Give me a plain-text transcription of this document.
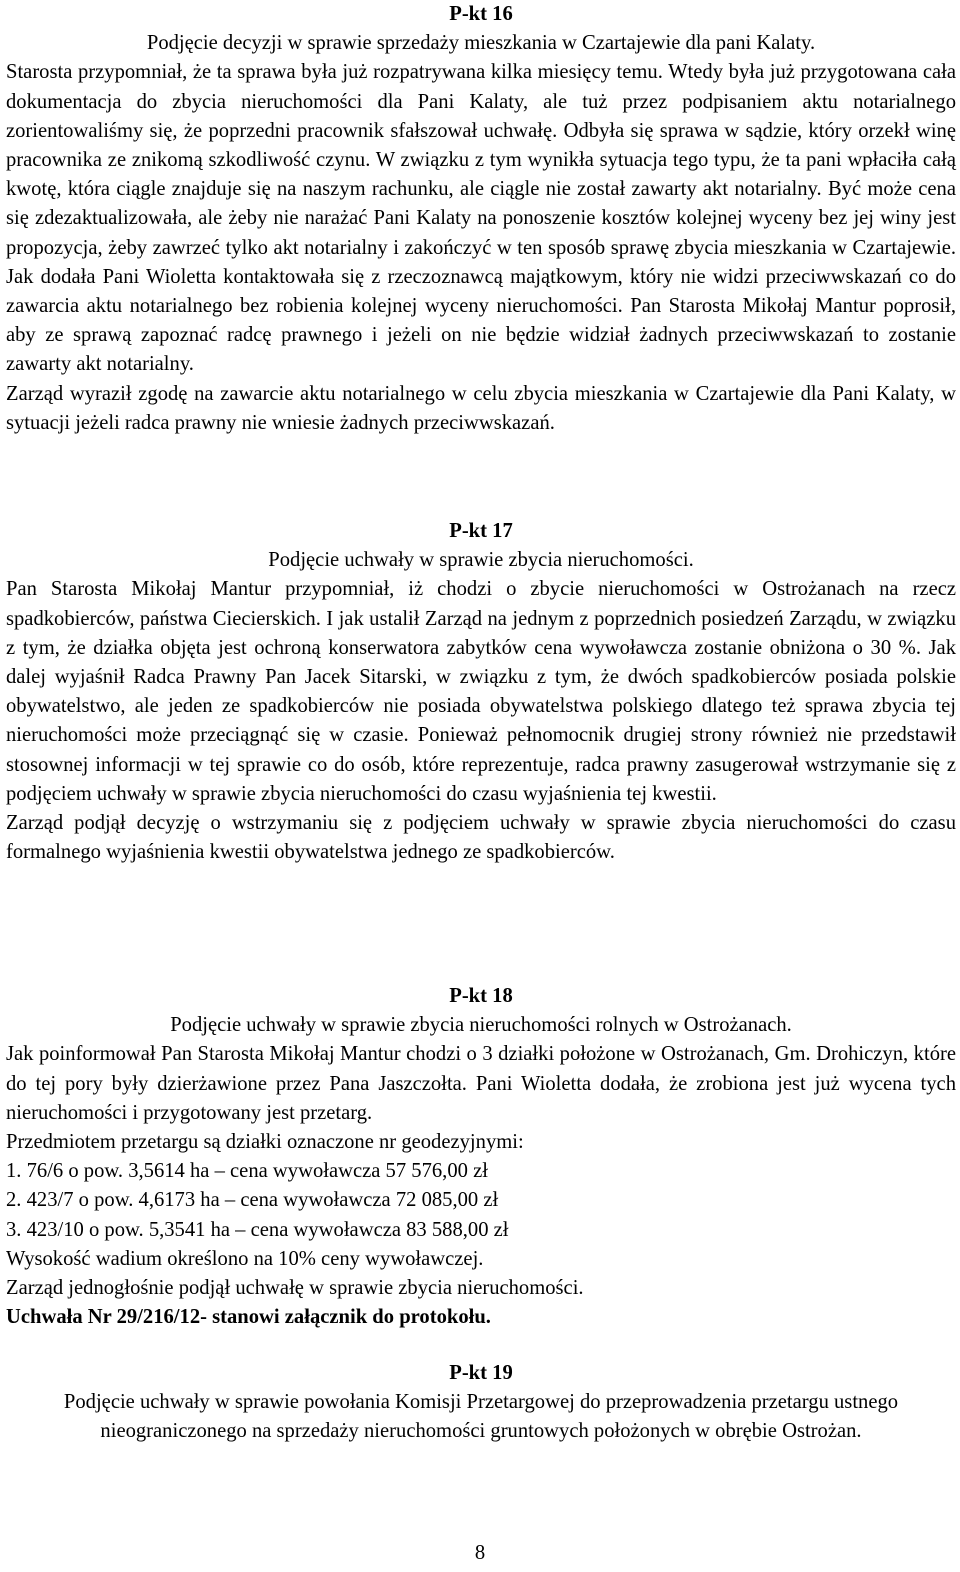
P-kt 16

Podjęcie decyzji w sprawie sprzedaży mieszkania w Czartajewie dla pani Kalaty.

Starosta przypomniał, że ta sprawa była już rozpatrywana kilka miesięcy temu. Wtedy była już przygotowana cała dokumentacja do zbycia nieruchomości dla Pani Kalaty, ale tuż przez podpisaniem aktu notarialnego zorientowaliśmy się, że poprzedni pracownik sfałszował uchwałę. Odbyła się sprawa w sądzie, który orzekł winę pracownika ze znikomą szkodliwość czynu. W związku z tym wynikła sytuacja tego typu, że ta pani wpłaciła całą kwotę, która ciągle znajduje się na naszym rachunku, ale ciągle nie został zawarty akt notarialny. Być może cena się zdezaktualizowała, ale żeby nie narażać Pani Kalaty na ponoszenie kosztów kolejnej wyceny bez jej winy jest propozycja, żeby zawrzeć tylko akt notarialny i zakończyć w ten sposób sprawę zbycia mieszkania w Czartajewie. Jak dodała Pani Wioletta kontaktowała się z rzeczoznawcą majątkowym, który nie widzi przeciwwskazań co do zawarcia aktu notarialnego bez robienia kolejnej wyceny nieruchomości. Pan Starosta Mikołaj Mantur poprosił, aby ze sprawą zapoznać radcę prawnego i jeżeli on nie będzie widział żadnych przeciwwskazań to zostanie zawarty akt notarialny.

Zarząd wyraził zgodę na zawarcie aktu notarialnego w celu zbycia mieszkania w Czartajewie dla Pani Kalaty, w sytuacji jeżeli radca prawny nie wniesie żadnych przeciwwskazań.

P-kt 17

Podjęcie uchwały w sprawie zbycia nieruchomości.

Pan Starosta Mikołaj Mantur przypomniał, iż chodzi o zbycie nieruchomości w Ostrożanach na rzecz spadkobierców, państwa Ciecierskich. I jak ustalił Zarząd na jednym z poprzednich posiedzeń Zarządu, w związku z tym, że działka objęta jest ochroną konserwatora zabytków cena wywoławcza zostanie obniżona o 30 %. Jak dalej wyjaśnił Radca Prawny Pan Jacek Sitarski, w związku z tym, że dwóch spadkobierców posiada polskie obywatelstwo, ale jeden ze spadkobierców nie posiada obywatelstwa polskiego dlatego też sprawa zbycia tej nieruchomości może przeciągnąć się w czasie. Ponieważ pełnomocnik drugiej strony również nie przedstawił stosownej informacji w tej sprawie co do osób, które reprezentuje, radca prawny zasugerował wstrzymanie się z podjęciem uchwały w sprawie zbycia nieruchomości do czasu wyjaśnienia tej kwestii.

Zarząd podjął decyzję o wstrzymaniu się z podjęciem uchwały w sprawie zbycia nieruchomości do czasu formalnego wyjaśnienia kwestii obywatelstwa jednego ze spadkobierców.

P-kt 18

Podjęcie uchwały w sprawie zbycia nieruchomości rolnych w Ostrożanach.

Jak poinformował Pan Starosta Mikołaj Mantur chodzi o 3 działki położone w Ostrożanach, Gm. Drohiczyn, które do tej pory były dzierżawione przez Pana Jaszczołta. Pani Wioletta dodała, że zrobiona jest już wycena tych nieruchomości i przygotowany jest przetarg.

Przedmiotem przetargu są działki oznaczone nr geodezyjnymi:

1. 76/6 o pow. 3,5614 ha – cena wywoławcza 57 576,00 zł

2. 423/7 o pow. 4,6173 ha – cena wywoławcza 72 085,00 zł

3. 423/10 o pow. 5,3541 ha – cena wywoławcza 83 588,00 zł

Wysokość wadium określono na 10% ceny wywoławczej.

Zarząd jednogłośnie podjął uchwałę w sprawie zbycia nieruchomości.

Uchwała Nr 29/216/12- stanowi załącznik do protokołu.

P-kt 19

Podjęcie uchwały w sprawie powołania Komisji Przetargowej do przeprowadzenia przetargu ustnego nieograniczonego na sprzedaży nieruchomości gruntowych położonych w obrębie Ostrożan.

8
